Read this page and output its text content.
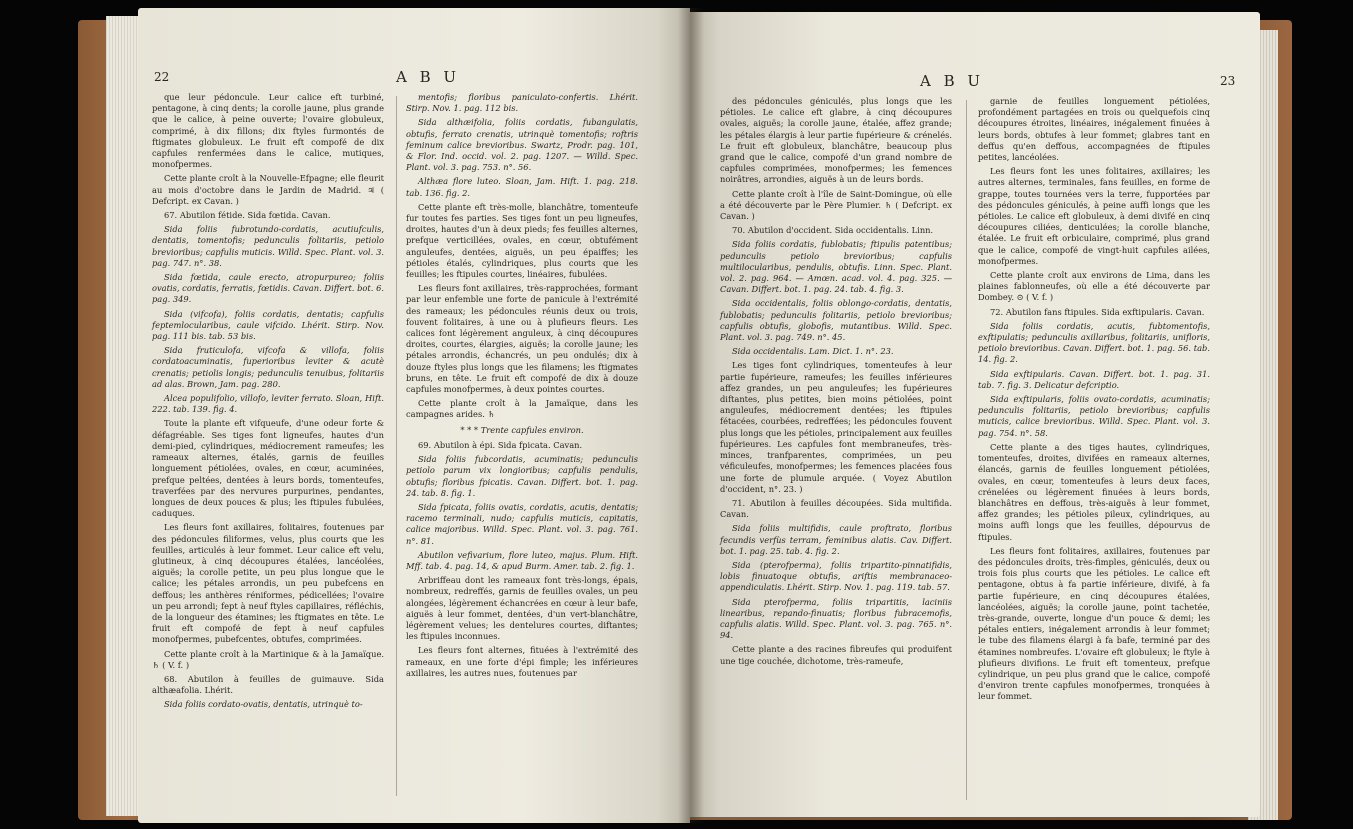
22	A B U

que leur pédoncule. Leur calice eft turbiné, pentagone, à cinq dents; la corolle jaune, plus grande que le calice, à peine ouverte; l'ovaire globuleux, comprimé, à dix fillons; dix ftyles furmontés de ftigmates globuleux. Le fruit eft compofé de dix capfules renfermées dans le calice, mutiques, monofpermes.

Cette plante croît à la Nouvelle-Efpagne; elle fleurit au mois d'octobre dans le Jardin de Madrid. ♃ ( Defcript. ex Cavan. )

67. Abutilon fétide. Sida fœtida. Cavan.

Sida foliis fubrotundo-cordatis, acutiufculis, dentatis, tomentofis; pedunculis folitariis, petiolo brevioribus; capfulis muticis. Willd. Spec. Plant. vol. 3. pag. 747. n°. 38.

Sida fœtida, caule erecto, atropurpureo; foliis ovatis, cordatis, ferratis, fœtidis. Cavan. Differt. bot. 6. pag. 349.

Sida (vifcofa), foliis cordatis, dentatis; capfulis feptemlocularibus, caule vifcido. Lhérit. Stirp. Nov. pag. 111 bis. tab. 53 bis.

Sida fruticulofa, vifcofa & villofa, foliis cordatoacuminatis, fuperioribus leviter & acutè crenatis; petiolis longis; pedunculis tenuibus, folitariis ad alas. Brown, Jam. pag. 280.

Alcea populifolio, villofo, leviter ferrato. Sloan, Hift. 222. tab. 139. fig. 4.

Toute la plante eft vifqueufe, d'une odeur forte & défagréable. Ses tiges font ligneufes, hautes d'un demi-pied, cylindriques, médiocrement rameufes; les rameaux alternes, étalés, garnis de feuilles longuement pétiolées, ovales, en cœur, acuminées, prefque peltées, dentées à leurs bords, tomenteufes, traverfées par des nervures purpurines, pendantes, longues de deux pouces & plus; les ftipules fubulées, caduques.

Les fleurs font axillaires, folitaires, foutenues par des pédoncules filiformes, velus, plus courts que les feuilles, articulés à leur fommet. Leur calice eft velu, glutineux, à cinq découpures étalées, lancéolées, aiguës; la corolle petite, un peu plus longue que le calice; les pétales arrondis, un peu pubefcens en deffous; les anthères réniformes, pédicellées; l'ovaire un peu arrondi; fept à neuf ftyles capillaires, réfléchis, de la longueur des étamines; les ftigmates en tête. Le fruit eft compofé de fept à neuf capfules monofpermes, pubefcentes, obtufes, comprimées.

Cette plante croît à la Martinique & à la Jamaïque. ♄ ( V. f. )

68. Abutilon à feuilles de guimauve. Sida althæafolia. Lhérit.

Sida foliis cordato-ovatis, dentatis, utrinquè to-

mentofis; floribus paniculato-confertis. Lhérit. Stirp. Nov. 1. pag. 112 bis.

Sida althæifolia, foliis cordatis, fubangulatis, obtufis, ferrato crenatis, utrinquè tomentofis; roftris feminum calice brevioribus. Swartz, Prodr. pag. 101, & Flor. Ind. occid. vol. 2. pag. 1207. — Willd. Spec. Plant. vol. 3. pag. 753. n°. 56.

Althæa flore luteo. Sloan, Jam. Hift. 1. pag. 218. tab. 136. fig. 2.

Cette plante eft très-molle, blanchâtre, tomenteufe fur toutes fes parties. Ses tiges font un peu ligneufes, droites, hautes d'un à deux pieds; fes feuilles alternes, prefque verticillées, ovales, en cœur, obtufément anguleufes, dentées, aiguës, un peu épaiffes; les pétioles étalés, cylindriques, plus courts que les feuilles; les ftipules courtes, linéaires, fubulées.

Les fleurs font axillaires, très-rapprochées, formant par leur enfemble une forte de panicule à l'extrémité des rameaux; les pédoncules réunis deux ou trois, fouvent folitaires, à une ou à plufieurs fleurs. Les calices font légèrement anguleux, à cinq découpures droites, courtes, élargies, aiguës; la corolle jaune; les pétales arrondis, échancrés, un peu ondulés; dix à douze ftyles plus longs que les filamens; les ftigmates bruns, en tête. Le fruit eft compofé de dix à douze capfules monofpermes, à deux pointes courtes.

Cette plante croît à la Jamaïque, dans les campagnes arides. ♄

* * * Trente capfules environ.

69. Abutilon à épi. Sida fpicata. Cavan.

Sida foliis fubcordatis, acuminatis; pedunculis petiolo parum vix longioribus; capfulis pendulis, obtufis; floribus fpicatis. Cavan. Differt. bot. 1. pag. 24. tab. 8. fig. 1.

Sida fpicata, foliis ovatis, cordatis, acutis, dentatis; racemo terminali, nudo; capfulis muticis, capitatis, calice majoribus. Willd. Spec. Plant. vol. 3. pag. 761. n°. 81.

Abutilon vefivarium, flore luteo, majus. Plum. Hift. Mff. tab. 4. pag. 14, & apud Burm. Amer. tab. 2. fig. 1.

Arbriffeau dont les rameaux font très-longs, épais, nombreux, redreffés, garnis de feuilles ovales, un peu alongées, légèrement échancrées en cœur à leur bafe, aiguës à leur fommet, dentées, d'un vert-blanchâtre, légèrement velues; les dentelures courtes, diftantes; les ftipules inconnues.

Les fleurs font alternes, fituées à l'extrémité des rameaux, en une forte d'épi fimple; les inférieures axillaires, les autres nues, foutenues par

A B U	23

des pédoncules géniculés, plus longs que les pétioles. Le calice eft glabre, à cinq découpures ovales, aiguës; la corolle jaune, étalée, affez grande; les pétales élargis à leur partie fupérieure & crénelés. Le fruit eft globuleux, blanchâtre, beaucoup plus grand que le calice, compofé d'un grand nombre de capfules comprimées, monofpermes; les femences noirâtres, arrondies, aiguës à un de leurs bords.

Cette plante croît à l'île de Saint-Domingue, où elle a été découverte par le Père Plumier. ♄ ( Defcript. ex Cavan. )

70. Abutilon d'occident. Sida occidentalis. Linn.

Sida foliis cordatis, fublobatis; ftipulis patentibus; pedunculis petiolo brevioribus; capfulis multilocularibus, pendulis, obtufis. Linn. Spec. Plant. vol. 2. pag. 964. — Amœn. acad. vol. 4. pag. 325. — Cavan. Differt. bot. 1. pag. 24. tab. 4. fig. 3.

Sida occidentalis, foliis oblongo-cordatis, dentatis, fublobatis; pedunculis folitariis, petiolo brevioribus; capfulis obtufis, globofis, mutantibus. Willd. Spec. Plant. vol. 3. pag. 749. n°. 45.

Sida occidentalis. Lam. Dict. 1. n°. 23.

Les tiges font cylindriques, tomenteufes à leur partie fupérieure, rameufes; les feuilles inférieures affez grandes, un peu anguleufes; les fupérieures diftantes, plus petites, bien moins pétiolées, point anguleufes, médiocrement dentées; les ftipules fétacées, courbées, redreffées; les pédoncules fouvent plus longs que les pétioles, principalement aux feuilles fupérieures. Les capfules font membraneufes, très-minces, tranfparentes, comprimées, un peu véficuleufes, monofpermes; les femences placées fous une forte de plumule arquée. ( Voyez Abutilon d'occident, n°. 23. )

71. Abutilon à feuilles découpées. Sida multifida. Cavan.

Sida foliis multifidis, caule proftrato, floribus fecundis verfùs terram, feminibus alatis. Cav. Differt. bot. 1. pag. 25. tab. 4. fig. 2.

Sida (pterofperma), foliis tripartito-pinnatifidis, lobis finuatoque obtufis, ariftis membranaceo-appendiculatis. Lhérit. Stirp. Nov. 1. pag. 119. tab. 57.

Sida pterofperma, foliis tripartitis, laciniis linearibus, repando-finuatis; floribus fubracemofis, capfulis alatis. Willd. Spec. Plant. vol. 3. pag. 765. n°. 94.

Cette plante a des racines fibreufes qui produifent une tige couchée, dichotome, très-rameufe,

garnie de feuilles longuement pétiolées, profondément partagées en trois ou quelquefois cinq découpures étroites, linéaires, inégalement finuées à leurs bords, obtufes à leur fommet; glabres tant en deffus qu'en deffous, accompagnées de ftipules petites, lancéolées.

Les fleurs font les unes folitaires, axillaires; les autres alternes, terminales, fans feuilles, en forme de grappe, toutes tournées vers la terre, fupportées par des pédoncules géniculés, à peine auffi longs que les pétioles. Le calice eft globuleux, à demi divifé en cinq découpures ciliées, denticulées; la corolle blanche, étalée. Le fruit eft orbiculaire, comprimé, plus grand que le calice, compofé de vingt-huit capfules ailées, monofpermes.

Cette plante croît aux environs de Lima, dans les plaines fablonneufes, où elle a été découverte par Dombey. ⊙ ( V. f. )

72. Abutilon fans ftipules. Sida exftipularis. Cavan.

Sida foliis cordatis, acutis, fubtomentofis, exftipulatis; pedunculis axillaribus, folitariis, unifloris, petiolo brevioribus. Cavan. Differt. bot. 1. pag. 56. tab. 14. fig. 2.

Sida exftipularis. Cavan. Differt. bot. 1. pag. 31. tab. 7. fig. 3. Delicatur defcriptio.

Sida exftipularis, foliis ovato-cordatis, acuminatis; pedunculis folitariis, petiolo brevioribus; capfulis muticis, calice brevioribus. Willd. Spec. Plant. vol. 3. pag. 754. n°. 58.

Cette plante a des tiges hautes, cylindriques, tomenteufes, droites, divifées en rameaux alternes, élancés, garnis de feuilles longuement pétiolées, ovales, en cœur, tomenteufes à leurs deux faces, crénelées ou légèrement finuées à leurs bords, blanchâtres en deffous, très-aiguës à leur fommet, affez grandes; les pétioles pileux, cylindriques, au moins auffi longs que les feuilles, dépourvus de ftipules.

Les fleurs font folitaires, axillaires, foutenues par des pédoncules droits, très-fimples, géniculés, deux ou trois fois plus courts que les pétioles. Le calice eft pentagone, obtus à fa partie inférieure, divifé, à fa partie fupérieure, en cinq découpures étalées, lancéolées, aiguës; la corolle jaune, point tachetée, très-grande, ouverte, longue d'un pouce & demi; les pétales entiers, inégalement arrondis à leur fommet; le tube des filamens élargi à fa bafe, terminé par des étamines nombreufes. L'ovaire eft globuleux; le ftyle à plufieurs divifions. Le fruit eft tomenteux, prefque cylindrique, un peu plus grand que le calice, compofé d'environ trente capfules monofpermes, tronquées à leur fommet.
